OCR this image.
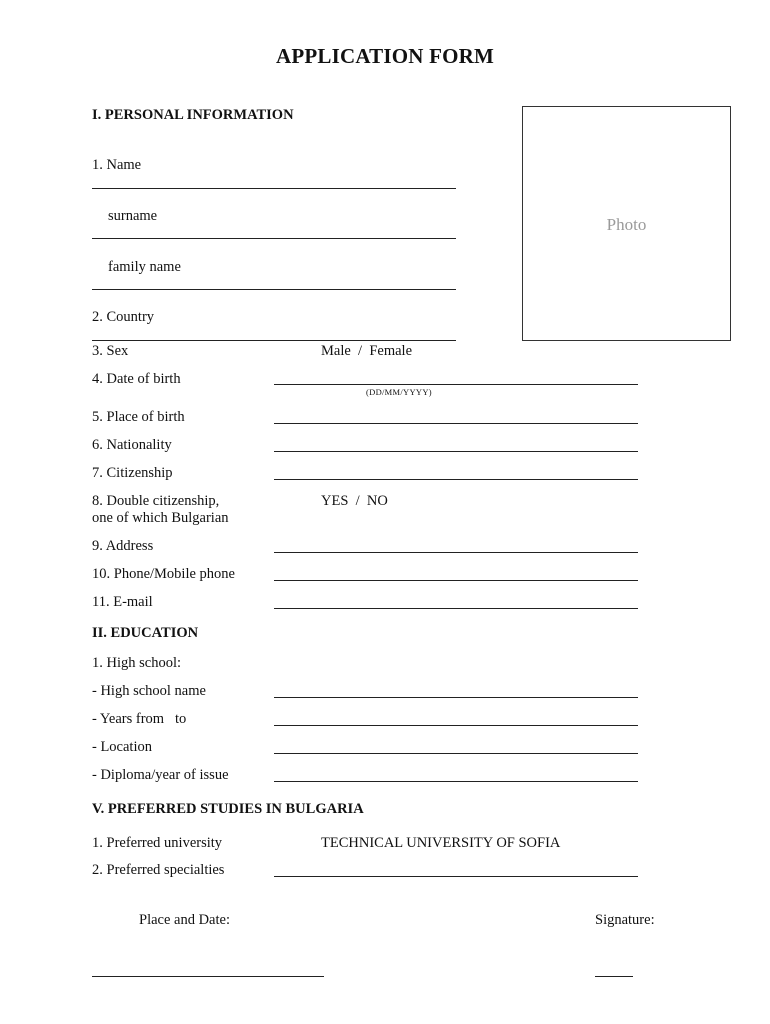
APPLICATION FORM
Photo
I. PERSONAL INFORMATION
1. Name
surname
family name
2. Country
3. Sex	Male  /  Female
4. Date of birth
(DD/MM/YYYY)
5. Place of birth
6. Nationality
7. Citizenship
8. Double citizenship,
one of which Bulgarian
YES  /  NO
9. Address
10. Phone/Mobile phone
11. E-mail
II. EDUCATION
1. High school:
- High school name
- Years from   to
- Location
- Diploma/year of issue
V. PREFERRED STUDIES IN BULGARIA
1. Preferred university	TECHNICAL UNIVERSITY OF SOFIA
2. Preferred specialties
Place and Date:	Signature:
